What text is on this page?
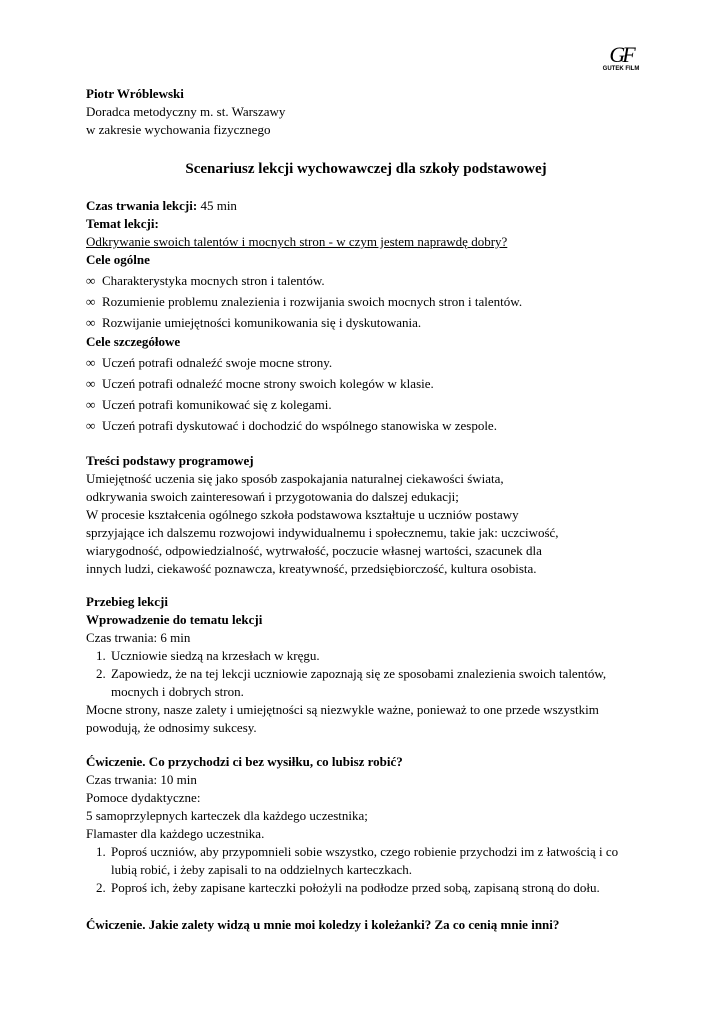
GF
GUTEK FILM
Piotr Wróblewski
Doradca metodyczny m. st. Warszawy
w zakresie wychowania fizycznego
Scenariusz lekcji wychowawczej dla szkoły podstawowej
Czas trwania lekcji: 45 min
Temat lekcji:
Odkrywanie swoich talentów i mocnych stron - w czym jestem naprawdę dobry?
Cele ogólne
∞ Charakterystyka mocnych stron i talentów.
∞ Rozumienie problemu znalezienia i rozwijania swoich mocnych stron i talentów.
∞ Rozwijanie umiejętności komunikowania się i dyskutowania.
Cele szczegółowe
∞ Uczeń potrafi odnaleźć swoje mocne strony.
∞ Uczeń potrafi odnaleźć mocne strony swoich kolegów w klasie.
∞ Uczeń potrafi komunikować się z kolegami.
∞ Uczeń potrafi dyskutować i dochodzić do wspólnego stanowiska w zespole.
Treści podstawy programowej
Umiejętność uczenia się jako sposób zaspokajania naturalnej ciekawości świata,
odkrywania swoich zainteresowań i przygotowania do dalszej edukacji;
W procesie kształcenia ogólnego szkoła podstawowa kształtuje u uczniów postawy
sprzyjające ich dalszemu rozwojowi indywidualnemu i społecznemu, takie jak: uczciwość,
wiarygodność, odpowiedzialność, wytrwałość, poczucie własnej wartości, szacunek dla
innych ludzi, ciekawość poznawcza, kreatywność, przedsiębiorczość, kultura osobista.
Przebieg lekcji
Wprowadzenie do tematu lekcji
Czas trwania: 6 min
1. Uczniowie siedzą na krzesłach w kręgu.
2. Zapowiedz, że na tej lekcji uczniowie zapoznają się ze sposobami znalezienia swoich talentów,
mocnych i dobrych stron.
Mocne strony, nasze zalety i umiejętności są niezwykle ważne, ponieważ to one przede wszystkim
powodują, że odnosimy sukcesy.
Ćwiczenie. Co przychodzi ci bez wysiłku, co lubisz robić?
Czas trwania: 10 min
Pomoce dydaktyczne:
5 samoprzylepnych karteczek dla każdego uczestnika;
Flamaster dla każdego uczestnika.
1. Poproś uczniów, aby przypomnieli sobie wszystko, czego robienie przychodzi im z łatwością i co
lubią robić, i żeby zapisali to na oddzielnych karteczkach.
2. Poproś ich, żeby zapisane karteczki położyli na podłodze przed sobą, zapisaną stroną do dołu.
Ćwiczenie. Jakie zalety widzą u mnie moi koledzy i koleżanki? Za co cenią mnie inni?
